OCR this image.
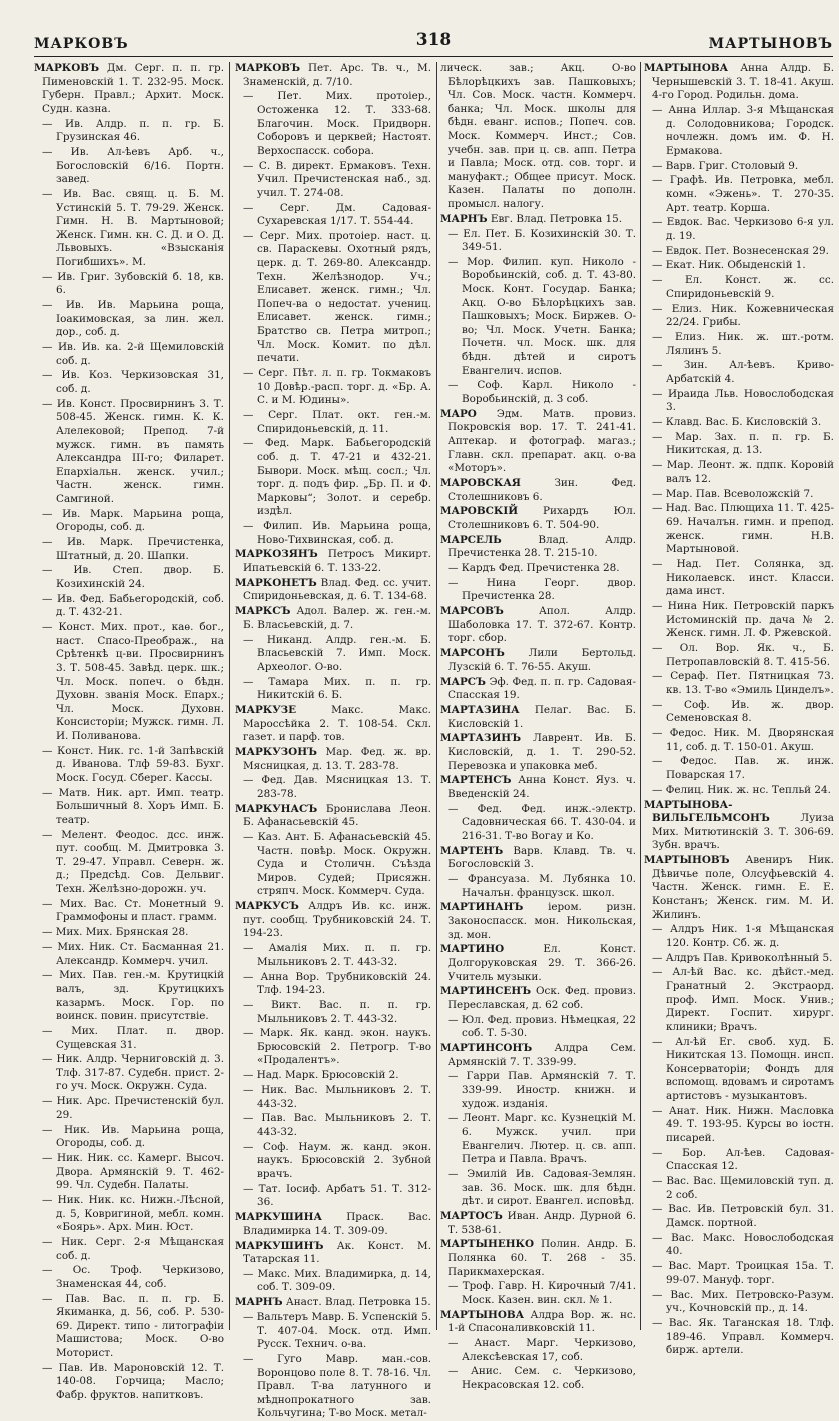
МАРКОВЪ	318	МАРТЫНОВЪ

МАРКОВЪ Дм. Серг. п. п. гр. Пименовскій 1. Т. 232-95. Моск. Губерн. Правл.; Архит. Моск. Судн. казна.

— Ив. Алдр. п. п. гр. Б. Грузинская 46.

— Ив. Ал-ѣевъ Арб. ч., Богословскій 6/16. Портн. завед.

— Ив. Вас. свящ. ц. Б. М. Устинскій 5. Т. 79-29. Женск. Гимн. Н. В. Мартыновой; Женск. Гимн. кн. С. Д. и О. Д. Львовыхъ. «Взысканія Погибшихъ». М.

— Ив. Григ. Зубовскій б. 18, кв. 6.

— Ив. Ив. Марьина роща, Іоакимовская, за лин. жел. дор., соб. д.

— Ив. Ив. ка. 2-й Щемиловскій соб. д.

— Ив. Коз. Черкизовская 31, соб. д.

— Ив. Конст. Просвирнинъ 3. Т. 508-45. Женск. гимн. К. К. Алелековой; Препод. 7-й мужск. гимн. въ память Александра III-го; Филарет. Епархіальн. женск. учил.; Частн. женск. гимн. Самгиной.

— Ив. Марк. Марьина роща, Огороды, соб. д.

— Ив. Марк. Пречистенка, Штатный, д. 20. Шапки.

— Ив. Степ. двор. Б. Козихинскій 24.

— Ив. Фед. Бабьегородскій, соб. д. Т. 432-21.

— Конст. Мих. прот., каѳ. бог., наст. Спасо-Преображ., на Срѣтенкѣ ц-ви. Просвирнинъ 3. Т. 508-45. Завѣд. церк. шк.; Чл. Моск. попеч. о бѣдн. Духовн. званія Моск. Епарх.; Чл. Моск. Духовн. Консисторіи; Мужск. гимн. Л. И. Поливанова.

— Конст. Ник. гс. 1-й Запѣвскій д. Иванова. Тлф 59-83. Бухг. Моск. Госуд. Сберег. Кассы.

— Матв. Ник. арт. Имп. театр. Большичный 8. Хоръ Имп. Б. театр.

— Мелент. Феодос. дсс. инж. пут. сообщ. М. Дмитровка 3. Т. 29-47. Управл. Северн. ж. д.; Предсѣд. Сов. Дельвиг. Техн. Желѣзно-дорожн. уч.

— Мих. Вас. Ст. Монетный 9. Граммофоны и пласт. грамм.

— Мих. Мих. Брянская 28.

— Мих. Ник. Ст. Басманная 21. Александр. Коммерч. учил.

— Мих. Пав. ген.-м. Крутицкій валъ, зд. Крутицкихъ казармъ. Моск. Гор. по воинск. повин. присутствіе.

— Мих. Плат. п. двор. Сущевская 31.

— Ник. Алдр. Черниговскій д. 3. Тлф. 317-87. Судебн. прист. 2-го уч. Моск. Окружн. Суда.

— Ник. Арс. Пречистенскій бул. 29.

— Ник. Ив. Марьина роща, Огороды, соб. д.

— Ник. Ник. сс. Камерг. Высоч. Двора. Армянскій 9. Т. 462-99. Чл. Судебн. Палаты.

— Ник. Ник. кс. Нижн.-Лѣсной, д. 5, Ковригиной, мебл. комн. «Боярь». Арх. Мин. Юст.

— Ник. Серг. 2-я Мѣщанская соб. д.

— Ос. Троф. Черкизово, Знаменская 44, соб.

— Пав. Вас. п. п. гр. Б. Якиманка, д. 56, соб. Р. 530-69. Директ. типо - литографіи Машистова; Моск. О-во Моторист.

— Пав. Ив. Мароновскій 12. Т. 140-08. Горчица; Масло; Фабр. фруктов. напитковъ.

МАРКОВЪ Пет. Арс. Тв. ч., М. Знаменскій, д. 7/10.

— Пет. Мих. протоіер., Остоженка 12. Т. 333-68. Благочин. Моск. Придворн. Соборовъ и церквей; Настоят. Верхоспасск. собора.

— С. В. директ. Ермаковъ. Техн. Учил. Пречистенская наб., зд. учил. Т. 274-08.

— Серг. Дм. Садовая-Сухаревская 1/17. Т. 554-44.

— Серг. Мих. протоіер. наст. ц. св. Параскевы. Охотный рядъ, церк. д. Т. 269-80. Александр. Техн. Желѣзнодор. Уч.; Елисавет. женск. гимн.; Чл. Попеч-ва о недостат. учениц. Елисавет. женск. гимн.; Братство св. Петра митроп.; Чл. Моск. Комит. по дѣл. печати.

— Серг. Пѣт. л. п. гр. Токмаковъ 10 Довѣр.-расп. торг. д. «Бр. А. С. и М. Юдины».

— Серг. Плат. окт. ген.-м. Спиридоньевскій, д. 11.

— Фед. Марк. Бабьегородскій соб. д. Т. 47-21 и 432-21. Бывори. Моск. мѣщ. сосл.; Чл. торг. д. подъ фир. „Бр. П. и Ф. Марковы“; Золот. и серебр. издѣл.

— Филип. Ив. Марьина роща, Ново-Тихвинская, соб. д.

МАРКОЗЯНЪ Петросъ Микирт. Ипатьевскій 6. Т. 133-22.

МАРКОНЕТЪ Влад. Фед. сс. учит. Спиридоньевская, д. 6. Т. 134-68.

МАРКСЪ Адол. Валер. ж. ген.-м. Б. Власьевскій, д. 7.

— Никанд. Алдр. ген.-м. Б. Власьевскій 7. Имп. Моск. Археолог. О-во.

— Тамара Мих. п. п. гр. Никитскій 6. Б.

МАРКУЗЕ	Макс. Макс. Мароссѣйка 2. Т. 108-54. Скл. газет. и парф. тов.

МАРКУЗОНЪ Мар. Фед. ж. вр. Мясницкая, д. 13. Т. 283-78.

— Фед. Дав. Мясницкая 13. Т. 283-78.

МАРКУНАСЪ Бронислава Леон. Б. Афанасьевскій 45.

— Каз. Ант. Б. Афанасьевскій 45. Частн. повѣр. Моск. Окружн. Суда и Столичн. Съѣзда Миров. Судей; Присяжн. стряпч. Моск. Коммерч. Суда.

МАРКУСЪ Алдръ Ив. кс. инж. пут. сообщ. Трубниковскій 24. Т. 194-23.

— Амалія Мих. п. п. гр. Мыльниковъ 2. Т. 443-32.

— Анна Вор. Трубниковскій 24. Тлф. 194-23.

— Викт. Вас. п. п. гр. Мыльниковъ 2. Т. 443-32.

— Марк. Як. канд. экон. наукъ. Брюсовскій 2. Петрогр. Т-во «Продалентъ».

— Над. Марк. Брюсовскій 2.

— Ник. Вас. Мыльниковъ 2. Т. 443-32.

— Пав. Вас. Мыльниковъ 2. Т. 443-32.

— Соф. Наум. ж. канд. экон. наукъ. Брюсовскій 2. Зубной врачъ.

— Тат. Іосиф. Арбатъ 51. Т. 312-36.

МАРКУШИНА Праск. Вас. Владимирка 14. Т. 309-09.

МАРКУШИНЪ Ак. Конст. М. Татарская 11.

— Макс. Мих. Владимирка, д. 14, соб. Т. 309-09.

МАРНЪ Анаст. Влад. Петровка 15.

— Вальтеръ Мавр. Б. Успенскій 5. Т. 407-04. Моск. отд. Имп. Русск. Технич. о-ва.

— Гуго Мавр. ман.-сов. Воронцово поле 8. Т. 78-16. Чл. Правл. Т-ва латунного и мѣднопрокатного зав. Кольчугина; Т-во Моск. метал-

лическ. зав.; Акц. О-во Бѣлорѣцкихъ зав. Пашковыхъ; Чл. Сов. Моск. частн. Коммерч. банка; Чл. Моск. школы для бѣдн. еванг. испов.; Попеч. сов. Моск. Коммерч. Инст.; Сов. учебн. зав. при ц. св. апп. Петра и Павла; Моск. отд. сов. торг. и мануфакт.; Общее присут. Моск. Казен. Палаты по дополн. промысл. налогу.

МАРНЪ Евг. Влад. Петровка 15.

— Ел. Пет. Б. Козихинскій 30. Т. 349-51.

— Мор. Филип. куп. Николо - Воробьинскій, соб. д. Т. 43-80. Моск. Конт. Государ. Банка; Акц. О-во Бѣлорѣцкихъ зав. Пашковыхъ; Моск. Биржев. О-во; Чл. Моск. Учетн. Банка; Почетн. чл. Моск. шк. для бѣдн. дѣтей и сиротъ Евангелич. испов.

— Соф. Карл. Николо - Воробьинскій, д. 3 соб.

МАРО Эдм. Матв. провиз. Покровскія вор. 17. Т. 241-41. Аптекар. и фотограф. магаз.; Главн. скл. препарат. акц. о-ва «Моторъ».

МАРОВСКАЯ	Зин. Фед. Столешниковъ 6.

МАРОВСКІЙ Рихардъ Юл. Столешниковъ 6. Т. 504-90.

МАРСЕЛЬ	Влад. Алдр. Пречистенка 28. Т. 215-10.

— Кардъ Фед. Пречистенка 28.

— Нина Георг. двор. Пречистенка 28.

МАРСОВЪ	Апол. Алдр. Шаболовка 17. Т. 372-67. Контр. торг. сбор.

МАРСОНЪ Лили Бертольд. Лузскій 6. Т. 76-55. Акуш.

МАРСЪ Эф. Фед. п. п. гр. Садовая-Спасская 19.

МАРТАЗИНА Пелаг. Вас. Б. Кисловскій 1.

МАРТАЗИНЪ Лаврент. Ив. Б. Кисловскій, д. 1. Т. 290-52. Перевозка и упаковка меб.

МАРТЕНСЪ Анна Конст. Яуз. ч. Введенскій 24.

— Фед. Фед. инж.-электр. Садовническая 66. Т. 430-04. и 216-31. Т-во Вогау и Ко.

МАРТЕНЪ Варв. Клавд. Тв. ч. Богословскій 3.

— Франсуаза. М. Лубянка 10. Началън. французск. школ.

МАРТИНАНЪ іером. ризн. Законоспасск. мон. Никольская, зд. мон.

МАРТИНО	Ел. Конст. Долгоруковская 29. Т. 366-26. Учитель музыки.

МАРТИНСЕНЪ Оск. Фед. провиз. Переславская, д. 62 соб.

— Юл. Фед. провиз. Нѣмецкая, 22 соб. Т. 5-30.

МАРТИНСОНЪ Алдра Сем. Армянскій 7. Т. 339-99.

— Гарри Пав. Армянскій 7. Т. 339-99. Иностр. книжн. и худож. изданія.

— Леонт. Марг. кс. Кузнецкій М. 6. Мужск. учил. при Евангелич. Лютер. ц. св. апп. Петра и Павла. Врачъ.

— Эмилій Ив. Садовая-Землян. зав. 36. Моск. шк. для бѣдн. дѣт. и сирот. Евангел. исповѣд.

МАРТОСЪ Иван. Андр. Дурной 6. Т. 538-61.

МАРТЫНЕНКО Полин. Андр. Б. Полянка 60. Т. 268 - 35. Парикмахерская.

— Троф. Гавр. Н. Кирочный 7/41. Моск. Казен. вин. скл. № 1.

МАРТЫНОВА Алдра Вор. ж. нс. 1-й Спасоналивковскій 11.

— Анаст. Марг. Черкизово, Алексѣевская 17, соб.

— Анис. Сем. с. Черкизово, Некрасовская 12. соб.

МАРТЫНОВА Анна Алдр. Б. Чернышевскій 3. Т. 18-41. Акуш. 4-го Город. Родильн. дома.

— Анна Иллар. 3-я Мѣщанская д. Солодовникова; Городск. ночлежн. домъ им. Ф. Н. Ермакова.

— Варв. Григ. Столовый 9.

— Графѣ. Ив. Петровка, мебл. комн. «Эжень». Т. 270-35. Арт. театр. Корша.

— Евдок. Вас. Черкизово 6-я ул. д. 19.

— Евдок. Пет. Вознесенская 29.

— Екат. Ник. Обыденскій 1.

— Ел. Конст. ж. сс. Спиридоньевскій 9.

— Елиз. Ник. Кожевническая 22/24. Грибы.

— Елиз. Ник. ж. шт.-ротм. Лялинъ 5.

— Зин. Ал-ѣевъ. Криво-Арбатскій 4.

— Ираида Льв. Новослободская 3.

— Клавд. Вас. Б. Кисловскій 3.

— Мар. Зах. п. п. гр. Б. Никитская, д. 13.

— Мар. Леонт. ж. пдпк. Коровій валъ 12.

— Мар. Пав. Всеволожскій 7.

— Над. Вас. Плющиха 11. Т. 425-69. Началън. гимн. и препод. женск. гимн. Н.В. Мартыновой.

— Над. Пет. Солянка, зд. Николаевск. инст. Класси. дама инст.

— Нина Ник. Петровскій паркъ Истоминскій пр. дача № 2. Женск. гимн. Л. Ф. Ржевской.

— Ол. Вор. Як. ч., Б. Петропавловскій 8. Т. 415-56.

— Сераф. Пет. Пятницкая 73. кв. 13. Т-во «Эмиль Цинделъ».

— Соф. Ив. ж. двор. Семеновская 8.

— Федос. Ник. М. Дворянская 11, соб. д. Т. 150-01. Акуш.

— Федос. Пав. ж. инж. Поварская 17.

— Фелиц. Ник. ж. нс. Тепльй 24.

МАРТЫНОВА-ВИЛЬГЕЛЬМСОНЪ	Луиза Мих. Митютинскій 3. Т. 306-69. Зубн. врачъ.

МАРТЫНОВЪ Авениръ Ник. Дѣвичье поле, Олсуфьевскій 4. Частн. Женск. гимн. Е. Е. Констанъ; Женск. гим. М. И. Жилинъ.

— Алдръ Ник. 1-я Мѣщанская 120. Контр. Сб. ж. д.

— Алдръ Пав. Кривоколѣнный 5.

— Ал-ѣй Вас. кс. дѣйст.-мед. Гранатный 2. Экстраорд. проф. Имп. Моск. Унив.; Директ. Госпит. хирург. клиники; Врачъ.

— Ал-ѣй Ег. своб. худ. Б. Никитская 13. Помощн. инсп. Консерваторіи; Фондъ для вспомощ. вдовамъ и сиротамъ артистовъ - музыкантовъ.

— Анат. Ник. Нижн. Масловка 49. Т. 193-95. Курсы во іостн. писарей.

— Бор. Ал-ѣев. Садовая-Спасская 12.

— Вас. Вас. Щемиловскій туп. д. 2 соб.

— Вас. Ив. Петровскій бул. 31. Дамск. портной.

— Вас. Макс. Новослободская 40.

— Вас. Март. Троицкая 15а. Т. 99-07. Мануф. торг.

— Вас. Мих. Петровско-Разум. уч., Кочновскій пр., д. 14.

— Вас. Як. Таганская 18. Тлф. 189-46. Управл. Коммерч. бирж. артели.
